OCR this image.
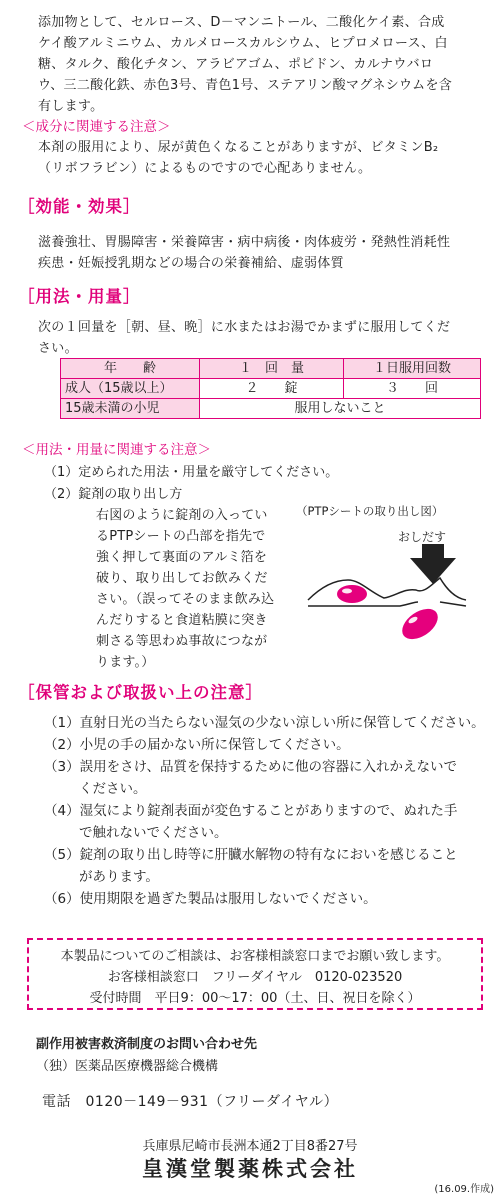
添加物として、セルロース、D－マンニトール、二酸化ケイ素、合成
ケイ酸アルミニウム、カルメロースカルシウム、ヒプロメロース、白
糖、タルク、酸化チタン、アラビアゴム、ポビドン、カルナウバロ
ウ、三二酸化鉄、赤色3号、青色1号、ステアリン酸マグネシウムを含
有します。
＜成分に関連する注意＞
本剤の服用により、尿が黄色くなることがありますが、ビタミンB₂
（リボフラビン）によるものですので心配ありません。
［効能・効果］
滋養強壮、胃腸障害・栄養障害・病中病後・肉体疲労・発熱性消耗性
疾患・妊娠授乳期などの場合の栄養補給、虚弱体質
［用法・用量］
次の１回量を［朝、昼、晩］に水またはお湯でかまずに服用してくだ
さい。
年　　齢	１　回　量	１日服用回数
成人（15歳以上）	２　　錠	３　　回
15歳未満の小児	服用しないこと	
＜用法・用量に関連する注意＞
（1）定められた用法・用量を厳守してください。
（2）錠剤の取り出し方
右図のように錠剤の入ってい
るPTPシートの凸部を指先で
強く押して裏面のアルミ箔を
破り、取り出してお飲みくだ
さい。（誤ってそのまま飲み込
んだりすると食道粘膜に突き
刺さる等思わぬ事故につなが
ります。）
（PTPシートの取り出し図）
おしだす
［保管および取扱い上の注意］
（1）直射日光の当たらない湿気の少ない涼しい所に保管してください。
（2）小児の手の届かない所に保管してください。
（3）誤用をさけ、品質を保持するために他の容器に入れかえないで
ください。
（4）湿気により錠剤表面が変色することがありますので、ぬれた手
で触れないでください。
（5）錠剤の取り出し時等に肝臓水解物の特有なにおいを感じること
があります。
（6）使用期限を過ぎた製品は服用しないでください。
本製品についてのご相談は、お客様相談窓口までお願い致します。
お客様相談窓口　フリーダイヤル　0120-023520
受付時間　平日9：00～17：00（土、日、祝日を除く）
副作用被害救済制度のお問い合わせ先
（独）医薬品医療機器総合機構
電話　0120－149－931（フリーダイヤル）
兵庫県尼崎市長洲本通2丁目8番27号
皇漢堂製薬株式会社
(16.09.作成)
